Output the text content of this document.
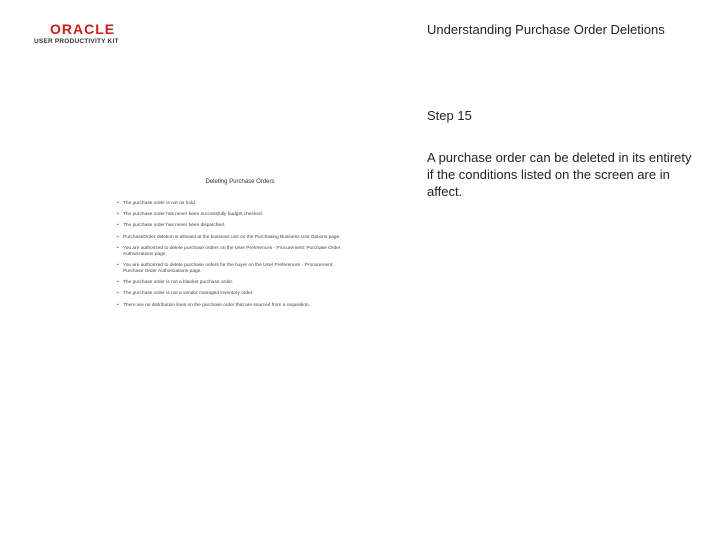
ORACLE
USER PRODUCTIVITY KIT
Understanding Purchase Order Deletions
Step 15
A purchase order can be deleted in its entirety if the conditions listed on the screen are in affect.
Deleting Purchase Orders
• The purchase order is not on hold.
• The purchase order has never been successfully budget checked.
• The purchase order has never been dispatched.
• PurchaseOrder deletion is allowed at the business unit on the Purchasing Business Unit Options page.
• You are authorized to delete purchase orders on the User Preferences - Procurement: Purchase Order Authorizations page.
• You are authorized to delete purchase orders for the buyer on the User Preferences - Procurement: Purchase Order Authorizations page.
• The purchase order is not a blanket purchase order.
• The purchase order is not a vendor managed inventory order.
• There are no distribution lines on the purchase order that are sourced from a requisition.
